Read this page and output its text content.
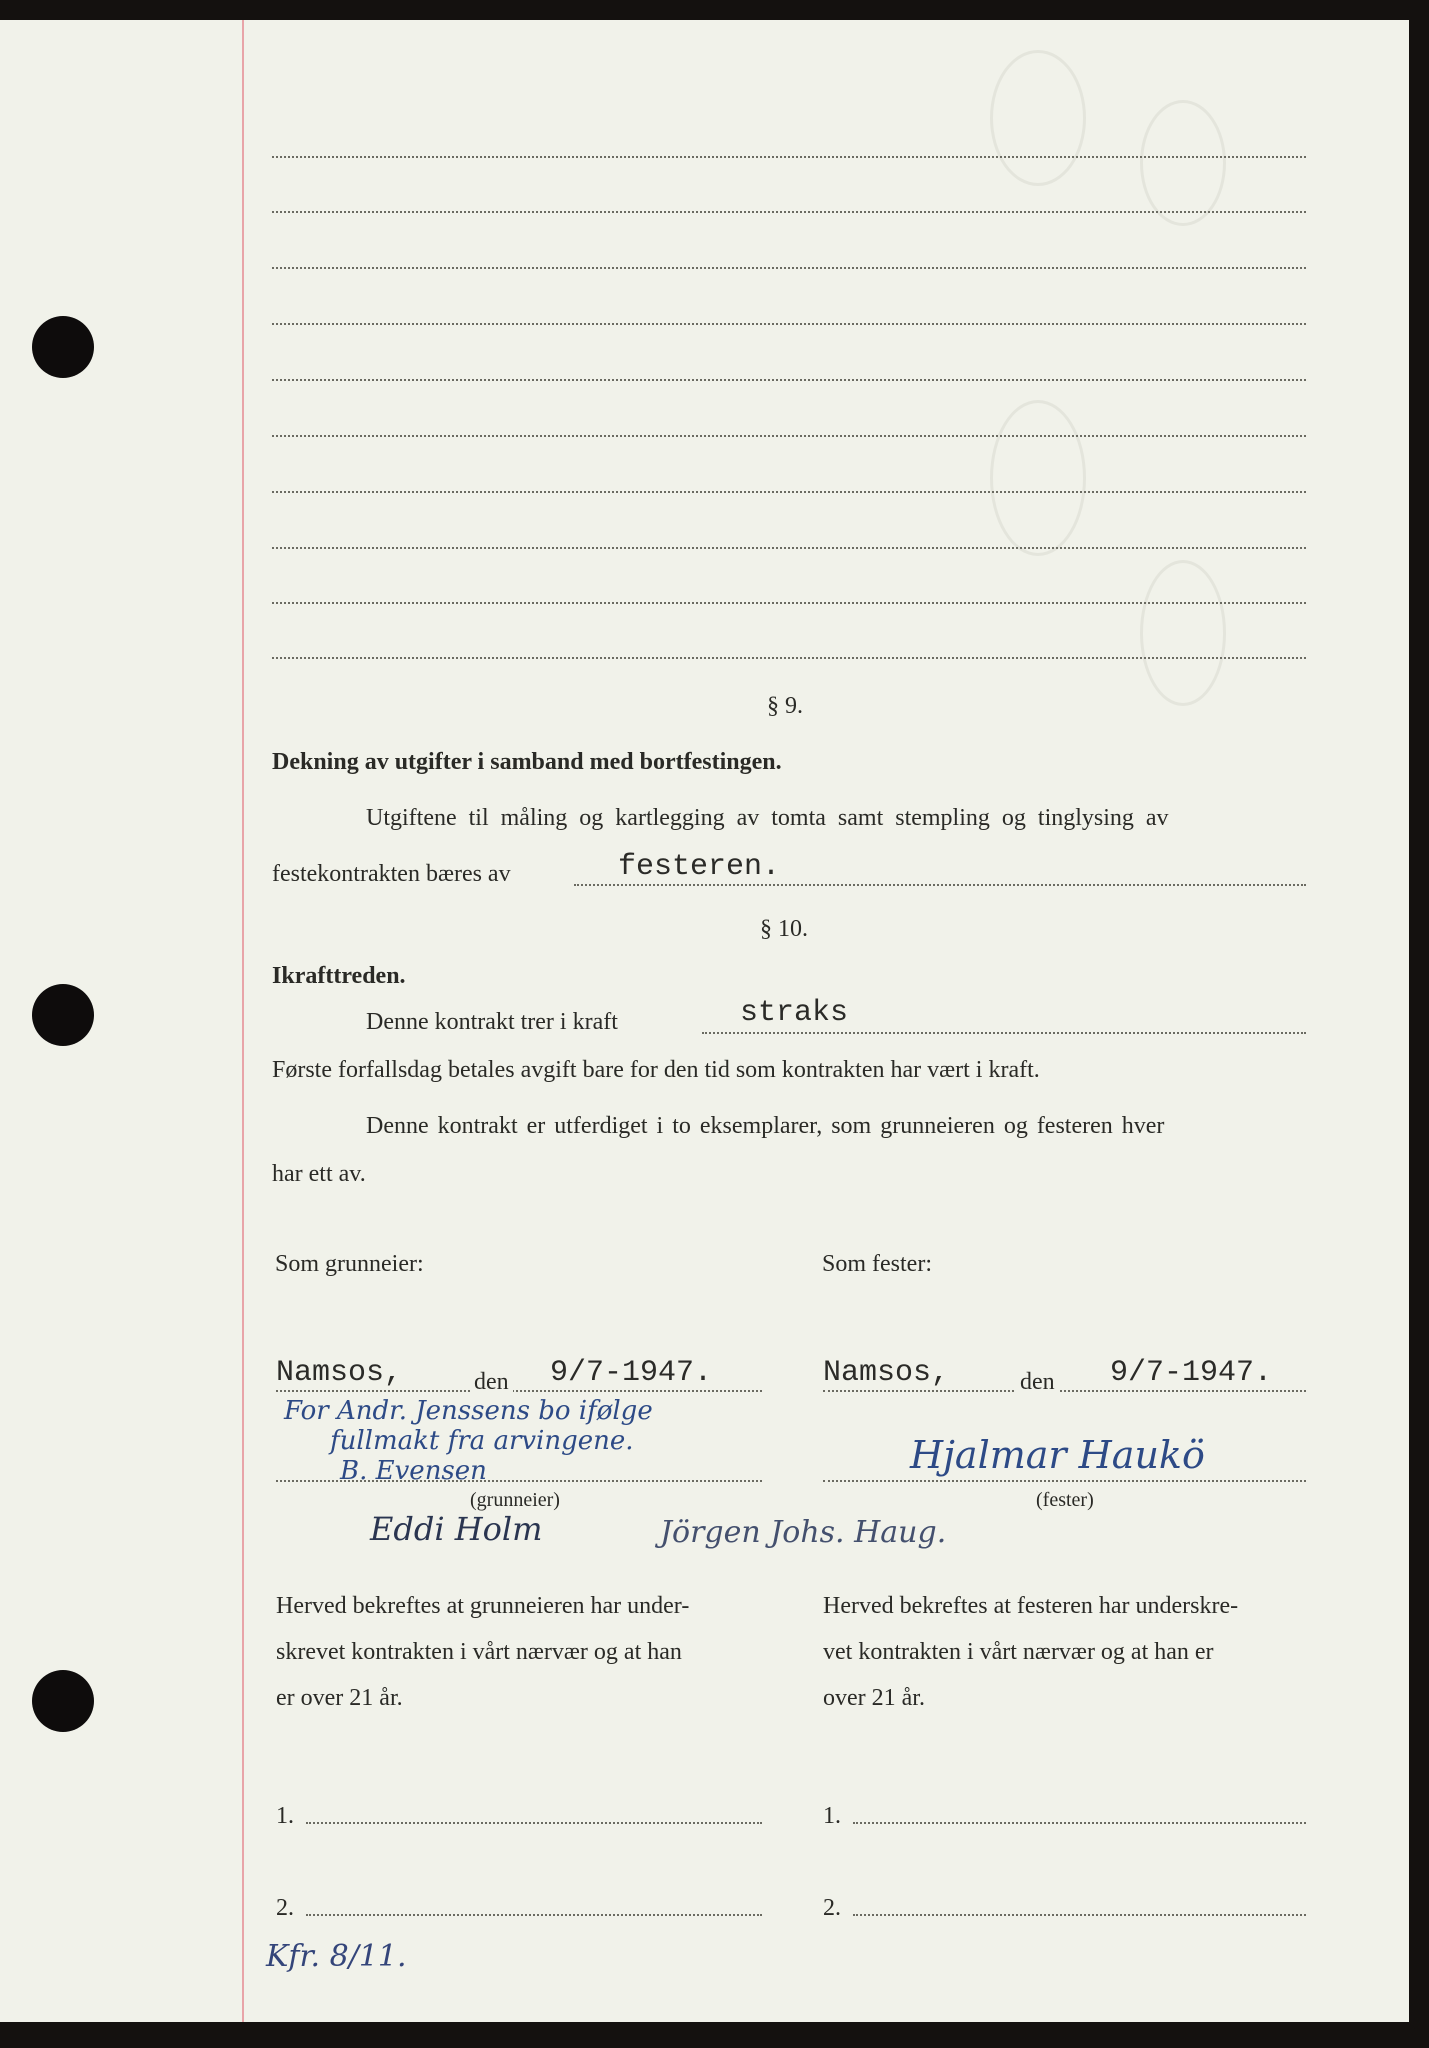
§ 9.
Dekning av utgifter i samband med bortfestingen.
Utgiftene til måling og kartlegging av tomta samt stempling og tinglysing av
festekontrakten bæres av	festeren.
§ 10.
Ikrafttreden.
Denne kontrakt trer i kraft	straks
Første forfallsdag betales avgift bare for den tid som kontrakten har vært i kraft.
Denne kontrakt er utferdiget i to eksemplarer, som grunneieren og festeren hver
har ett av.
Som grunneier:
Namsos,	den 9/7-1947.
For Andr. Jenssens bo ifølge
fullmakt fra arvingene.
B. Evensen
(grunneier)
Eddi Holm	Jörgen Johs. Haug.
Herved bekreftes at grunneieren har under-
skrevet kontrakten i vårt nærvær og at han
er over 21 år.
1.
2.
Som fester:
Namsos,	den 9/7-1947.
Hjalmar Haukö
(fester)
Herved bekreftes at festeren har underskre-
vet kontrakten i vårt nærvær og at han er
over 21 år.
1.
2.
Kfr. 8/11.
